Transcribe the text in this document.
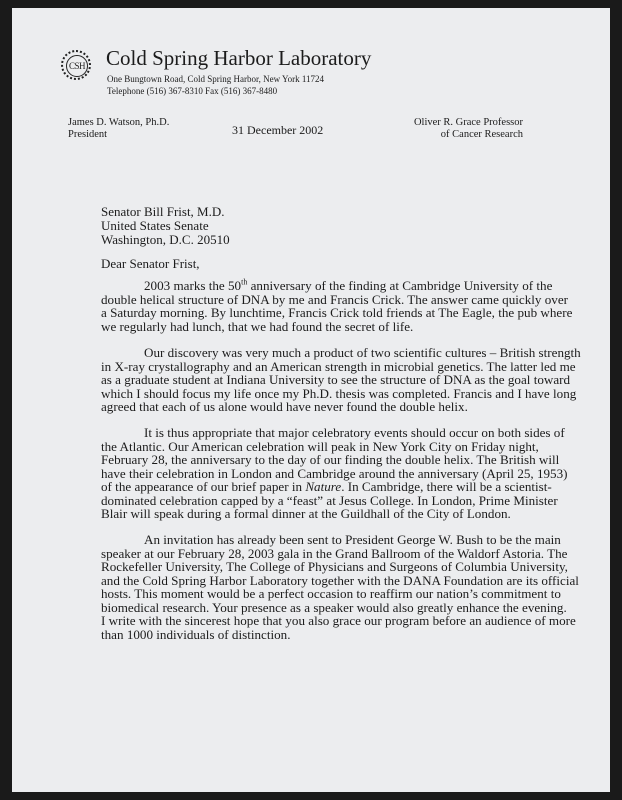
CSH Cold Spring Harbor Laboratory
One Bungtown Road, Cold Spring Harbor, New York 11724
Telephone (516) 367-8310 Fax (516) 367-8480
James D. Watson, Ph.D.
President	31 December 2002
Oliver R. Grace Professor
of Cancer Research
Senator Bill Frist, M.D.
United States Senate
Washington, D.C. 20510
Dear Senator Frist,
2003 marks the 50th anniversary of the finding at Cambridge University of the
double helical structure of DNA by me and Francis Crick. The answer came quickly over
a Saturday morning. By lunchtime, Francis Crick told friends at The Eagle, the pub where
we regularly had lunch, that we had found the secret of life.
Our discovery was very much a product of two scientific cultures – British strength
in X-ray crystallography and an American strength in microbial genetics. The latter led me
as a graduate student at Indiana University to see the structure of DNA as the goal toward
which I should focus my life once my Ph.D. thesis was completed. Francis and I have long
agreed that each of us alone would have never found the double helix.
It is thus appropriate that major celebratory events should occur on both sides of
the Atlantic. Our American celebration will peak in New York City on Friday night,
February 28, the anniversary to the day of our finding the double helix. The British will
have their celebration in London and Cambridge around the anniversary (April 25, 1953)
of the appearance of our brief paper in Nature. In Cambridge, there will be a scientist-
dominated celebration capped by a “feast” at Jesus College. In London, Prime Minister
Blair will speak during a formal dinner at the Guildhall of the City of London.
An invitation has already been sent to President George W. Bush to be the main
speaker at our February 28, 2003 gala in the Grand Ballroom of the Waldorf Astoria. The
Rockefeller University, The College of Physicians and Surgeons of Columbia University,
and the Cold Spring Harbor Laboratory together with the DANA Foundation are its official
hosts. This moment would be a perfect occasion to reaffirm our nation’s commitment to
biomedical research. Your presence as a speaker would also greatly enhance the evening.
I write with the sincerest hope that you also grace our program before an audience of more
than 1000 individuals of distinction.
